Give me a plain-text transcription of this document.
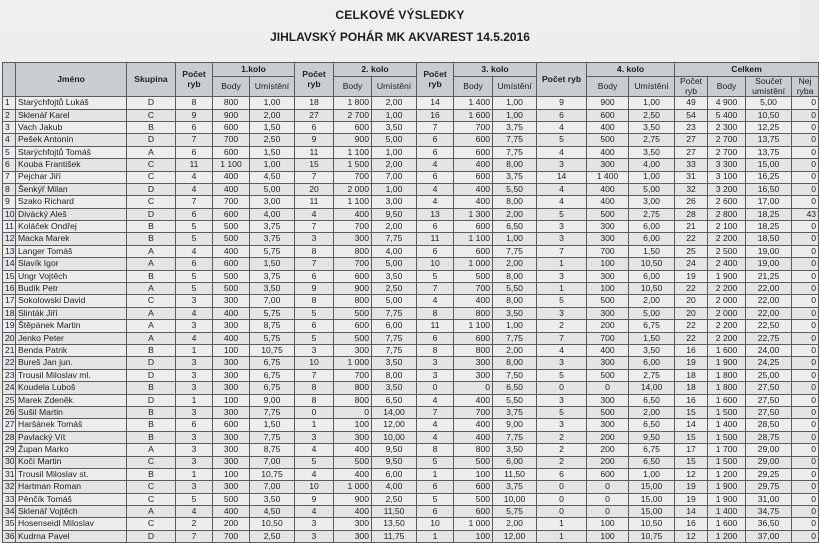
CELKOVÉ VÝSLEDKY
JIHLAVSKÝ POHÁR MK AKVAREST 14.5.2016
	Jméno	Skupina	Počet ryb	1.kolo		Počet ryb	2. kolo		Počet ryb	3. kolo		Počet ryb	4. kolo		Celkem			
				Body	Umístění		Body	Umístění		Body	Umístění		Body	Umístění	Počet ryb	Body	Součet umístění	Nej ryba
1	Starýchfojtů Lukáš	D	8	800	1,00	18	1 800	2,00	14	1 400	1,00	9	900	1,00	49	4 900	5,00	0
2	Sklenář Karel	C	9	900	2,00	27	2 700	1,00	16	1 600	1,00	6	600	2,50	54	5 400	10,50	0
3	Vach Jakub	B	6	600	1,50	6	600	3,50	7	700	3,75	4	400	3,50	23	2 300	12,25	0
4	Pešek Antonín	D	7	700	2,50	9	900	5,00	6	600	7,75	5	500	2,75	27	2 700	13,75	0
5	Starýchfojtů Tomáš	A	6	600	1,50	11	1 100	1,00	6	600	7,75	4	400	3,50	27	2 700	13,75	0
6	Kouba František	C	11	1 100	1,00	15	1 500	2,00	4	400	8,00	3	300	4,00	33	3 300	15,00	0
7	Pejchar Jiří	C	4	400	4,50	7	700	7,00	6	600	3,75	14	1 400	1,00	31	3 100	16,25	0
8	Šenkýř Milan	D	4	400	5,00	20	2 000	1,00	4	400	5,50	4	400	5,00	32	3 200	16,50	0
9	Szako Richard	C	7	700	3,00	11	1 100	3,00	4	400	8,00	4	400	3,00	26	2 600	17,00	0
10	Divácký Aleš	D	6	600	4,00	4	400	9,50	13	1 300	2,00	5	500	2,75	28	2 800	18,25	43
11	Koláček Ondřej	B	5	500	3,75	7	700	2,00	6	600	6,50	3	300	6,00	21	2 100	18,25	0
12	Macka Marek	B	5	500	3,75	3	300	7,75	11	1 100	1,00	3	300	6,00	22	2 200	18,50	0
13	Langer Tomáš	A	4	400	5,75	8	800	4,00	6	600	7,75	7	700	1,50	25	2 500	19,00	0
14	Slavík Igor	A	6	600	1,50	7	700	5,00	10	1 000	2,00	1	100	10,50	24	2 400	19,00	0
15	Ungr Vojtěch	B	5	500	3,75	6	600	3,50	5	500	8,00	3	300	6,00	19	1 900	21,25	0
16	Budík Petr	A	5	500	3,50	9	900	2,50	7	700	5,50	1	100	10,50	22	2 200	22,00	0
17	Sokolowski David	C	3	300	7,00	8	800	5,00	4	400	8,00	5	500	2,00	20	2 000	22,00	0
18	Slinták Jiří	A	4	400	5,75	5	500	7,75	8	800	3,50	3	300	5,00	20	2 000	22,00	0
19	Štěpánek Martin	A	3	300	8,75	6	600	6,00	11	1 100	1,00	2	200	6,75	22	2 200	22,50	0
20	Jenko Peter	A	4	400	5,75	5	500	7,75	6	600	7,75	7	700	1,50	22	2 200	22,75	0
21	Benda Patrik	B	1	100	10,75	3	300	7,75	8	800	2,00	4	400	3,50	16	1 600	24,00	0
22	Bureš Jan jun.	D	3	300	6,75	10	1 000	3,50	3	300	8,00	3	300	6,00	19	1 900	24,25	0
23	Trousil Miloslav ml.	D	3	300	6,75	7	700	8,00	3	300	7,50	5	500	2,75	18	1 800	25,00	0
24	Koudela Luboš	B	3	300	6,75	8	800	3,50	0	0	6,50	0	0	14,00	18	1 800	27,50	0
25	Marek Zdeněk	D	1	100	9,00	8	800	6,50	4	400	5,50	3	300	6,50	16	1 600	27,50	0
26	Sušil Martin	B	3	300	7,75	0	0	14,00	7	700	3,75	5	500	2,00	15	1 500	27,50	0
27	Haršánek Tomáš	B	6	600	1,50	1	100	12,00	4	400	9,00	3	300	6,50	14	1 400	28,50	0
28	Pavlacký Vít	B	3	300	7,75	3	300	10,00	4	400	7,75	2	200	9,50	15	1 500	28,75	0
29	Župan Marko	A	3	300	8,75	4	400	9,50	8	800	3,50	2	200	6,75	17	1 700	29,00	0
30	Kočí Martin	C	3	300	7,00	5	500	9,50	5	500	6,00	2	200	6,50	15	1 500	29,00	0
31	Trousil Miloslav st.	B	1	100	10,75	4	400	6,00	1	100	11,50	6	600	1,00	12	1 200	29,25	0
32	Hartman Roman	C	3	300	7,00	10	1 000	4,00	6	600	3,75	0	0	15,00	19	1 900	29,75	0
33	Pěnčík Tomáš	C	5	500	3,50	9	900	2,50	5	500	10,00	0	0	15,00	19	1 900	31,00	0
34	Sklenář Vojtěch	A	4	400	4,50	4	400	11,50	6	600	5,75	0	0	15,00	14	1 400	34,75	0
35	Hosenseidl Miloslav	C	2	200	10,50	3	300	13,50	10	1 000	2,00	1	100	10,50	16	1 600	36,50	0
36	Kudrna Pavel	D	7	700	2,50	3	300	11,75	1	100	12,00	1	100	10,75	12	1 200	37,00	0
